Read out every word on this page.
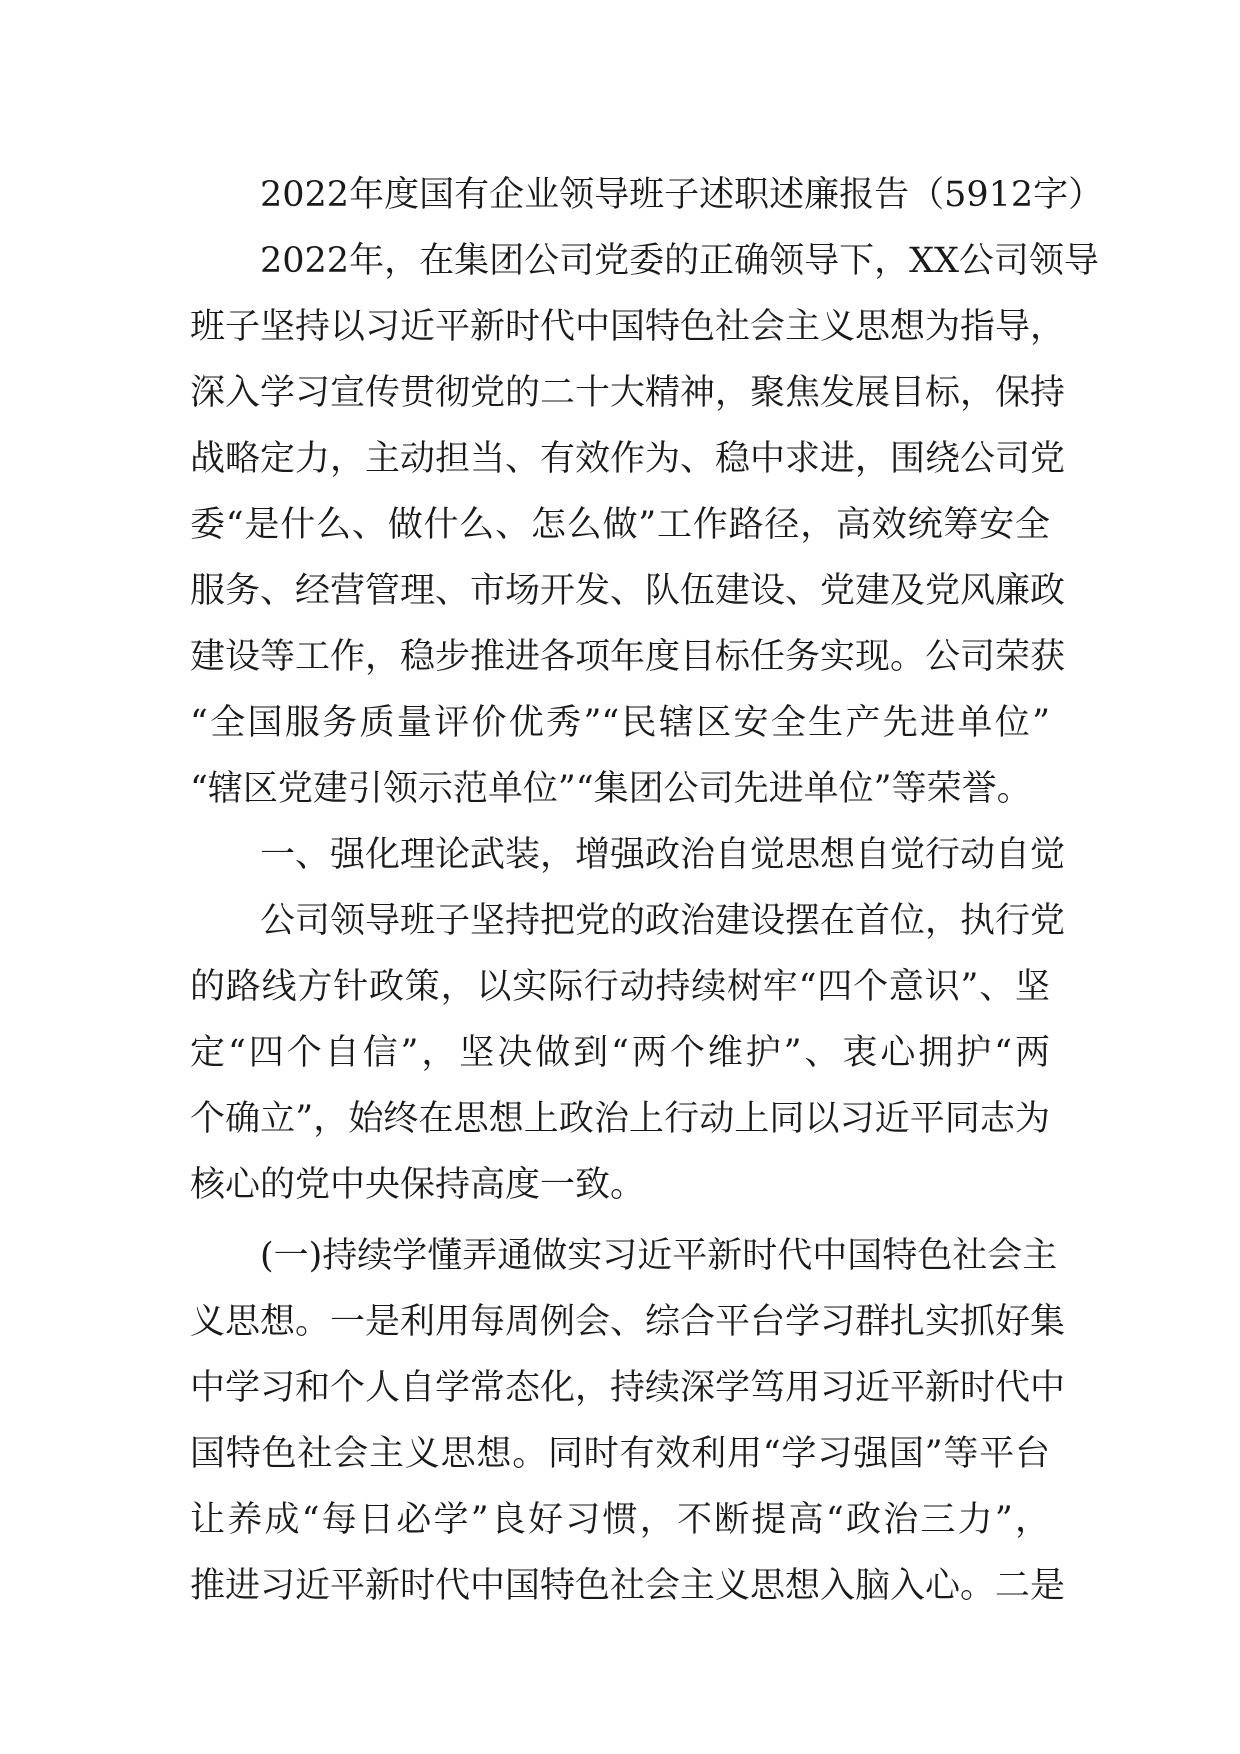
2022年度国有企业领导班子述职述廉报告（5912字）
2022年，在集团公司党委的正确领导下，XX公司领导
班子坚持以习近平新时代中国特色社会主义思想为指导，
深入学习宣传贯彻党的二十大精神，聚焦发展目标，保持
战略定力，主动担当、有效作为、稳中求进，围绕公司党
委“是什么、做什么、怎么做”工作路径，高效统筹安全
服务、经营管理、市场开发、队伍建设、党建及党风廉政
建设等工作，稳步推进各项年度目标任务实现。公司荣获
“全国服务质量评价优秀”“民辖区安全生产先进单位”
“辖区党建引领示范单位”“集团公司先进单位”等荣誉。
一、强化理论武装，增强政治自觉思想自觉行动自觉
公司领导班子坚持把党的政治建设摆在首位，执行党
的路线方针政策，以实际行动持续树牢“四个意识”、坚
定“四个自信”，坚决做到“两个维护”、衷心拥护“两
个确立”，始终在思想上政治上行动上同以习近平同志为
核心的党中央保持高度一致。
(一)持续学懂弄通做实习近平新时代中国特色社会主
义思想。一是利用每周例会、综合平台学习群扎实抓好集
中学习和个人自学常态化，持续深学笃用习近平新时代中
国特色社会主义思想。同时有效利用“学习强国”等平台
让养成“每日必学”良好习惯，不断提高“政治三力”，
推进习近平新时代中国特色社会主义思想入脑入心。二是
